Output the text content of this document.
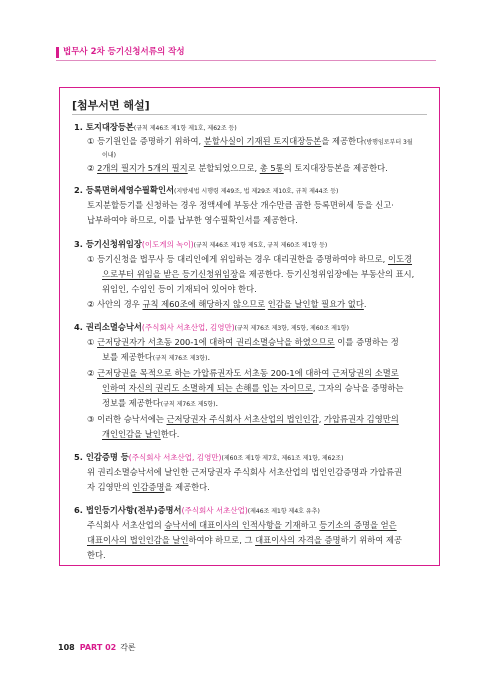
법무사 2차 등기신청서류의 작성
[첨부서면 해설]
1. 토지대장등본(규칙 제46조 제1항 제1호, 제62조 등)
① 등기원인을 증명하기 위하여, 분할사실이 기재된 토지대장등본을 제공한다(방행임로부터 3월
이내)
② 2개의 필지가 5개의 필지로 분할되었으므로, 총 5통의 토지대장등본을 제공한다.
2. 등록면허세영수필확인서(지방세법 시행령 제49조, 법 제29조 제10호, 규칙 제44조 등)
토지분할등기를 신청하는 경우 정액세에 부동산 개수만큼 곱한 등록면허세 등을 신고·
납부하여야 하므로, 이를 납부한 영수필확인서를 제공한다.
3. 등기신청위임장(이도게의 녹이)(규칙 제46조 제1항 제5호, 규칙 제60조 제1항 등)
① 등기신청을 법무사 등 대리인에게 위임하는 경우 대리권한을 증명하여야 하므로, 이도경
으로부터 위임을 받은 등기신청위임장을 제공한다. 등기신청위임장에는 부동산의 표시,
위임인, 수임인 등이 기재되어 있어야 한다.
② 사안의 경우 규칙 제60조에 해당하지 않으므로 인감을 날인할 필요가 없다.
4. 권리소멸승낙서(주식회사 서초산업, 김영만)(규칙 제76조 제3항, 제5항, 제60조 제1항)
① 근저당권자가 서초동 200-1에 대하여 권리소멸승낙을 하였으므로 이를 증명하는 정
보를 제공한다(규칙 제76조 제3항).
② 근저당권을 목적으로 하는 가압류권자도 서초동 200-1에 대하여 근저당권의 소멸로
인하여 자신의 권리도 소멸하게 되는 손해를 입는 자이므로, 그자의 승낙을 증명하는
정보를 제공한다(규칙 제76조 제5항).
③ 이러한 승낙서에는 근저당권자 주식회사 서초산업의 법인인감, 가압류권자 김영만의
개인인감을 날인한다.
5. 인감증명 등(주식회사 서초산업, 김영만)(제60조 제1항 제7호, 제61조 제1항, 제62조)
위 권리소멸승낙서에 날인한 근저당권자 주식회사 서초산업의 법인인감증명과 가압류권
자 김영만의 인감증명을 제공한다.
6. 법인등기사항(전부)증명서(주식회사 서초산업)(제46조 제1항 제4호 유추)
주식회사 서초산업의 승낙서에 대표이사의 인적사항을 기재하고 등기소의 증명을 얻은
대표이사의 법인인감을 날인하여야 하므로, 그 대표이사의 자격을 증명하기 위하여 제공
한다.
108 PART 02 각론
